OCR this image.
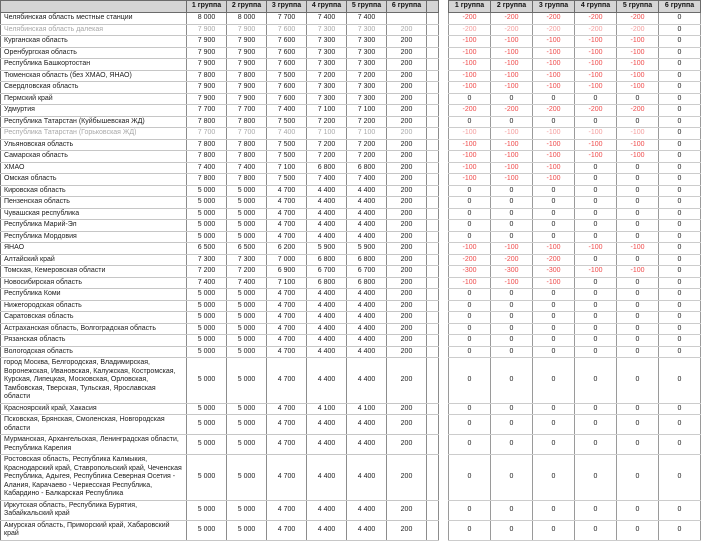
	1 группа	2 группа	3 группа	4 группа	5 группа	6 группа			1 группа	2 группа	3 группа	4 группа	5 группа	6 группа
Челябинская область местные станции	8 000	8 000	7 700	7 400	7 400				-200	-200	-200	-200	-200	0
Челябинская область далекая	7 900	7 900	7 600	7 300	7 300	200			-200	-200	-200	-200	-200	0
Курганская область	7 900	7 900	7 600	7 300	7 300	200			-100	-100	-100	-100	-100	0
Оренбургская область	7 900	7 900	7 600	7 300	7 300	200			-100	-100	-100	-100	-100	0
Республика Башкортостан	7 900	7 900	7 600	7 300	7 300	200			-100	-100	-100	-100	-100	0
Тюменская область (без ХМАО, ЯНАО)	7 800	7 800	7 500	7 200	7 200	200			-100	-100	-100	-100	-100	0
Свердловская область	7 900	7 900	7 600	7 300	7 300	200			-100	-100	-100	-100	-100	0
Пермский край	7 900	7 900	7 600	7 300	7 300	200			0	0	0	0	0	0
Удмуртия	7 700	7 700	7 400	7 100	7 100	200			-200	-200	-200	-200	-200	0
Республика Татарстан (Куйбышевская ЖД)	7 800	7 800	7 500	7 200	7 200	200			0	0	0	0	0	0
Республика Татарстан (Горьковская ЖД)	7 700	7 700	7 400	7 100	7 100	200			-100	-100	-100	-100	-100	0
Ульяновская область	7 800	7 800	7 500	7 200	7 200	200			-100	-100	-100	-100	-100	0
Самарская область	7 800	7 800	7 500	7 200	7 200	200			-100	-100	-100	-100	-100	0
ХМАО	7 400	7 400	7 100	6 800	6 800	200			-100	-100	-100	0	0	0
Омская область	7 800	7 800	7 500	7 400	7 400	200			-100	-100	-100	0	0	0
Кировская область	5 000	5 000	4 700	4 400	4 400	200			0	0	0	0	0	0
Пензенская область	5 000	5 000	4 700	4 400	4 400	200			0	0	0	0	0	0
Чувашская республика	5 000	5 000	4 700	4 400	4 400	200			0	0	0	0	0	0
Республика Марий-Эл	5 000	5 000	4 700	4 400	4 400	200			0	0	0	0	0	0
Республика Мордовия	5 000	5 000	4 700	4 400	4 400	200			0	0	0	0	0	0
ЯНАО	6 500	6 500	6 200	5 900	5 900	200			-100	-100	-100	-100	-100	0
Алтайский край	7 300	7 300	7 000	6 800	6 800	200			-200	-200	-200	0	0	0
Томская, Кемеровская области	7 200	7 200	6 900	6 700	6 700	200			-300	-300	-300	-100	-100	0
Новосибирская область	7 400	7 400	7 100	6 800	6 800	200			-100	-100	-100	0	0	0
Республика Коми	5 000	5 000	4 700	4 400	4 400	200			0	0	0	0	0	0
Нижегородская область	5 000	5 000	4 700	4 400	4 400	200			0	0	0	0	0	0
Саратовская область	5 000	5 000	4 700	4 400	4 400	200			0	0	0	0	0	0
Астраханская область, Волгоградская область	5 000	5 000	4 700	4 400	4 400	200			0	0	0	0	0	0
Рязанская область	5 000	5 000	4 700	4 400	4 400	200			0	0	0	0	0	0
Вологодская область	5 000	5 000	4 700	4 400	4 400	200			0	0	0	0	0	0
город Москва, Белгородская, Владимирская, Воронежская, Ивановская, Калужская, Костромская, Курская, Липецкая, Московская, Орловская, Тамбовская, Тверская, Тульская, Ярославская области	5 000	5 000	4 700	4 400	4 400	200			0	0	0	0	0	0
Красноярский край, Хакасия	5 000	5 000	4 700	4 100	4 100	200			0	0	0	0	0	0
Псковская, Брянская, Смоленская, Новгородская области	5 000	5 000	4 700	4 400	4 400	200			0	0	0	0	0	0
Мурманская, Архангельская, Ленинградская области, Республика Карелия	5 000	5 000	4 700	4 400	4 400	200			0	0	0	0	0	0
Ростовская область, Республика Калмыкия, Краснодарский край, Ставропольский край, Чеченская Республика, Адыгея, Республика Северная Осетия - Алания, Карачаево - Черкесская Республика, Кабардино - Балкарская Республика	5 000	5 000	4 700	4 400	4 400	200			0	0	0	0	0	0
Иркутская область, Республика Бурятия, Забайкальский край	5 000	5 000	4 700	4 400	4 400	200			0	0	0	0	0	0
Амурская область, Приморский край, Хабаровский край	5 000	5 000	4 700	4 400	4 400	200			0	0	0	0	0	0
